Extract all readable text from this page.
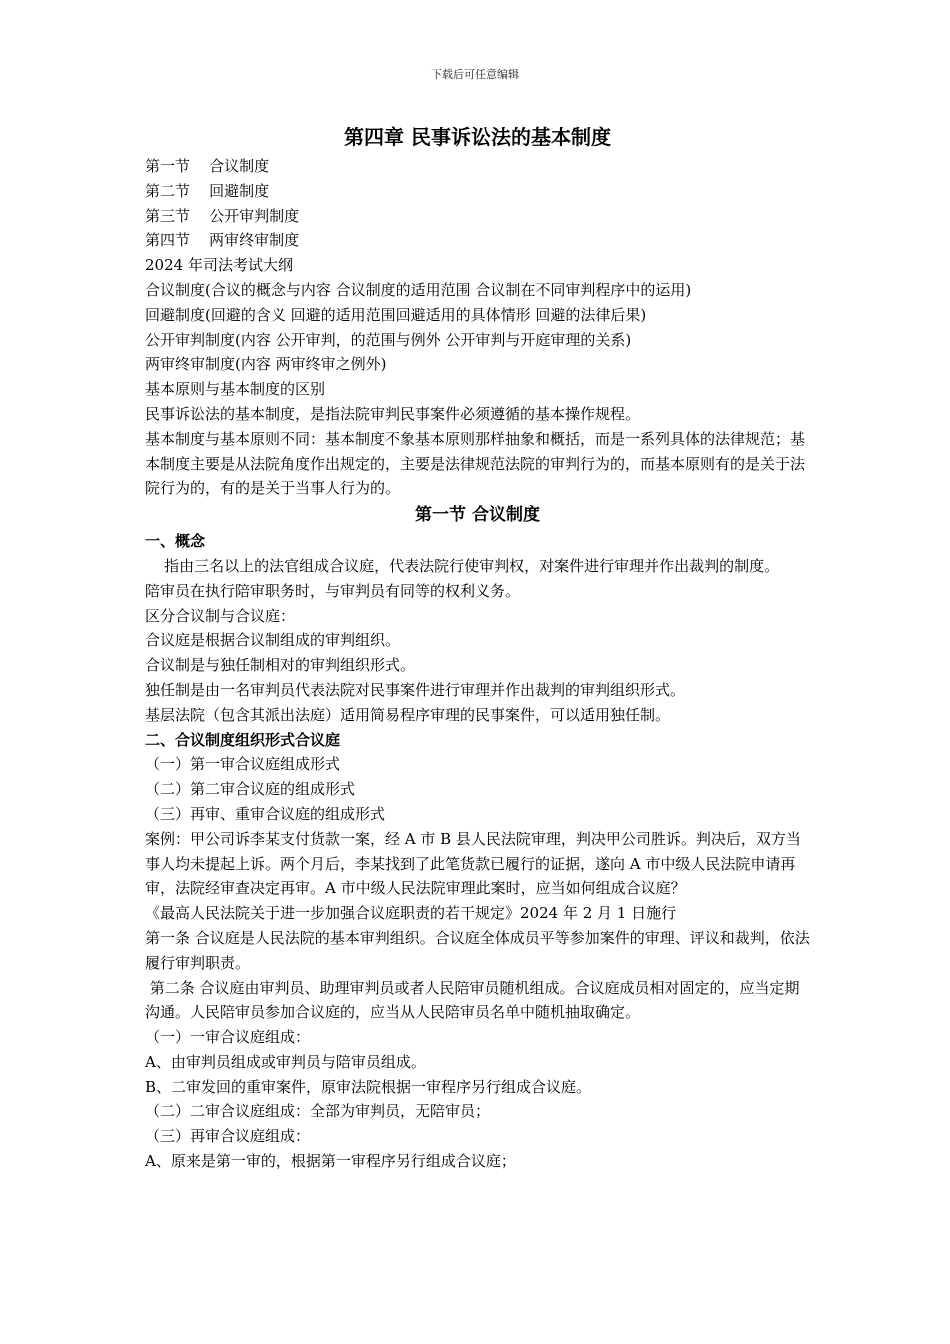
下载后可任意编辑
第四章 民事诉讼法的基本制度

第一节    合议制度

第二节    回避制度

第三节    公开审判制度

第四节    两审终审制度

2024 年司法考试大纲

合议制度(合议的概念与内容 合议制度的适用范围 合议制在不同审判程序中的运用)

回避制度(回避的含义 回避的适用范围回避适用的具体情形 回避的法律后果)

公开审判制度(内容 公开审判，的范围与例外 公开审判与开庭审理的关系)

两审终审制度(内容 两审终审之例外)

基本原则与基本制度的区别

民事诉讼法的基本制度，是指法院审判民事案件必须遵循的基本操作规程。

基本制度与基本原则不同：基本制度不象基本原则那样抽象和概括，而是一系列具体的法律规范；基本制度主要是从法院角度作出规定的，主要是法律规范法院的审判行为的，而基本原则有的是关于法院行为的，有的是关于当事人行为的。

第一节 合议制度
一、概念

指由三名以上的法官组成合议庭，代表法院行使审判权，对案件进行审理并作出裁判的制度。

陪审员在执行陪审职务时，与审判员有同等的权利义务。

区分合议制与合议庭：

合议庭是根据合议制组成的审判组织。

合议制是与独任制相对的审判组织形式。

独任制是由一名审判员代表法院对民事案件进行审理并作出裁判的审判组织形式。

基层法院（包含其派出法庭）适用简易程序审理的民事案件，可以适用独任制。

二、合议制度组织形式合议庭

（一）第一审合议庭组成形式

（二）第二审合议庭的组成形式

（三）再审、重审合议庭的组成形式

案例：甲公司诉李某支付货款一案，经 A 市 B 县人民法院审理，判决甲公司胜诉。判决后，双方当事人均未提起上诉。两个月后，李某找到了此笔货款已履行的证据，遂向 A 市中级人民法院申请再审，法院经审查决定再审。A 市中级人民法院审理此案时，应当如何组成合议庭？

《最高人民法院关于进一步加强合议庭职责的若干规定》2024 年 2 月 1 日施行

第一条 合议庭是人民法院的基本审判组织。合议庭全体成员平等参加案件的审理、评议和裁判，依法履行审判职责。

第二条 合议庭由审判员、助理审判员或者人民陪审员随机组成。合议庭成员相对固定的，应当定期沟通。人民陪审员参加合议庭的，应当从人民陪审员名单中随机抽取确定。

（一）一审合议庭组成：

A、由审判员组成或审判员与陪审员组成。

B、二审发回的重审案件，原审法院根据一审程序另行组成合议庭。

（二）二审合议庭组成：全部为审判员，无陪审员；

（三）再审合议庭组成：

A、原来是第一审的，根据第一审程序另行组成合议庭；
